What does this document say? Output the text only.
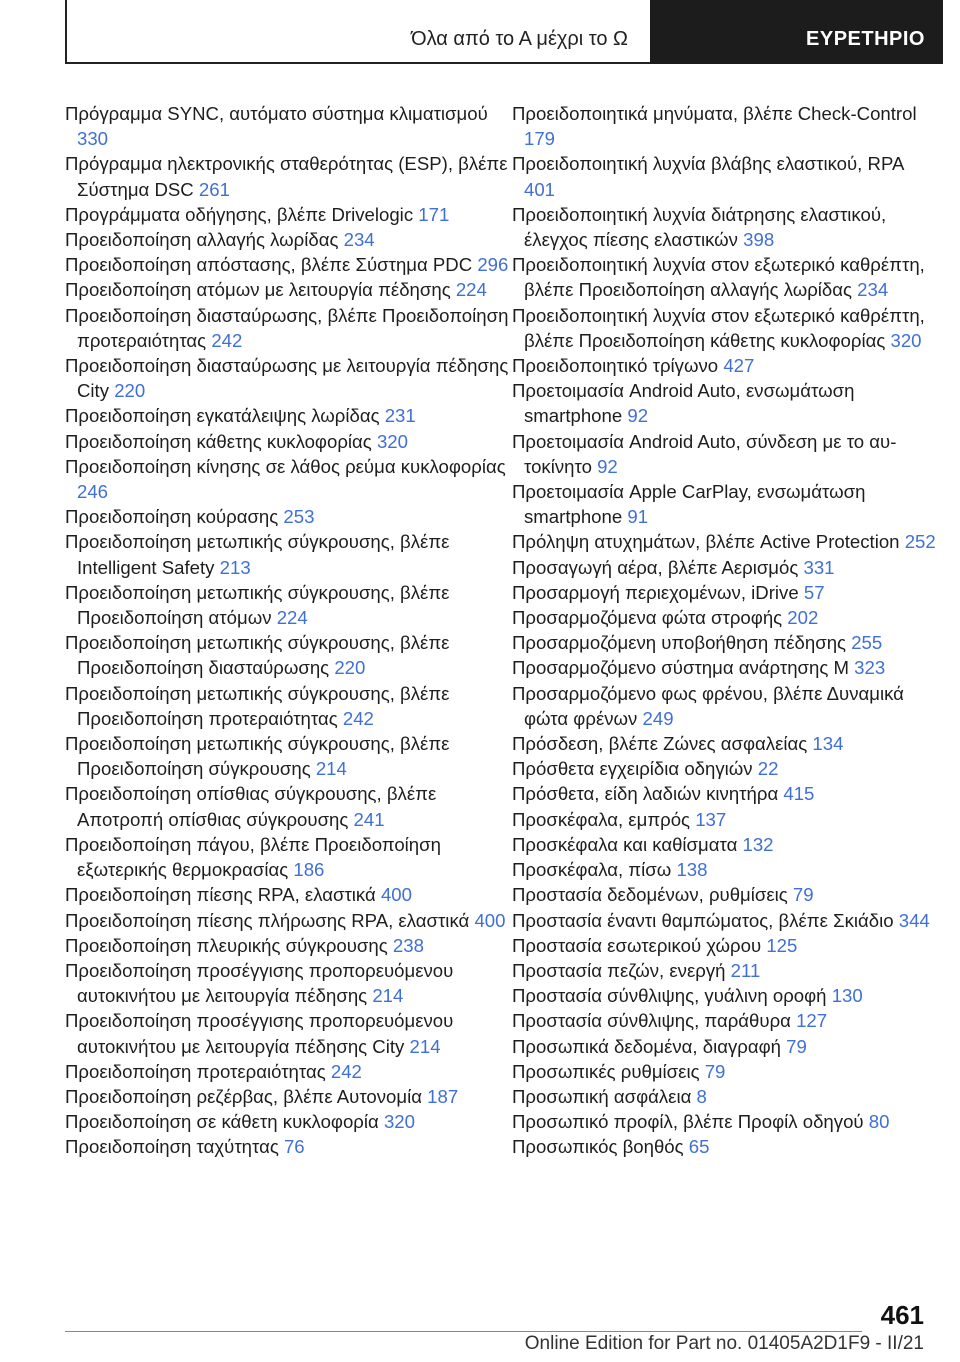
Όλα από το Α μέχρι το Ω	ΕΥΡΕΤΗΡΙΟ
Πρόγραμμα SYNC, αυτόματο σύστημα κλιματισμού 330
Πρόγραμμα ηλεκτρονικής σταθερότητας (ESP), βλέπε Σύστημα DSC 261
Προγράμματα οδήγησης, βλέπε Drivelogic 171
Προειδοποίηση αλλαγής λωρίδας 234
Προειδοποίηση απόστασης, βλέπε Σύστημα PDC 296
Προειδοποίηση ατόμων με λειτουργία πέδησης 224
Προειδοποίηση διασταύρωσης, βλέπε Προειδοποίηση προτεραιότητας 242
Προειδοποίηση διασταύρωσης με λειτουργία πέδησης City 220
Προειδοποίηση εγκατάλειψης λωρίδας 231
Προειδοποίηση κάθετης κυκλοφορίας 320
Προειδοποίηση κίνησης σε λάθος ρεύμα κυκλοφορίας 246
Προειδοποίηση κούρασης 253
Προειδοποίηση μετωπικής σύγκρουσης, βλέπε Intelligent Safety 213
Προειδοποίηση μετωπικής σύγκρουσης, βλέπε Προειδοποίηση ατόμων 224
Προειδοποίηση μετωπικής σύγκρουσης, βλέπε Προειδοποίηση διασταύρωσης 220
Προειδοποίηση μετωπικής σύγκρουσης, βλέπε Προειδοποίηση προτεραιότητας 242
Προειδοποίηση μετωπικής σύγκρουσης, βλέπε Προειδοποίηση σύγκρουσης 214
Προειδοποίηση οπίσθιας σύγκρουσης, βλέπε Αποτροπή οπίσθιας σύγκρουσης 241
Προειδοποίηση πάγου, βλέπε Προειδοποίηση εξωτερικής θερμοκρασίας 186
Προειδοποίηση πίεσης RPA, ελαστικά 400
Προειδοποίηση πίεσης πλήρωσης RPA, ελαστικά 400
Προειδοποίηση πλευρικής σύγκρουσης 238
Προειδοποίηση προσέγγισης προπορευόμενου αυτοκινήτου με λειτουργία πέδησης 214
Προειδοποίηση προσέγγισης προπορευόμενου αυτοκινήτου με λειτουργία πέδησης City 214
Προειδοποίηση προτεραιότητας 242
Προειδοποίηση ρεζέρβας, βλέπε Αυτονομία 187
Προειδοποίηση σε κάθετη κυκλοφορία 320
Προειδοποίηση ταχύτητας 76
Προειδοποιητικά μηνύματα, βλέπε Check-Control 179
Προειδοποιητική λυχνία βλάβης ελαστικού, RPA 401
Προειδοποιητική λυχνία διάτρησης ελαστικού, έλεγχος πίεσης ελαστικών 398
Προειδοποιητική λυχνία στον εξωτερικό καθρέπτη, βλέπε Προειδοποίηση αλλαγής λωρίδας 234
Προειδοποιητική λυχνία στον εξωτερικό καθρέπτη, βλέπε Προειδοποίηση κάθετης κυκλοφορίας 320
Προειδοποιητικό τρίγωνο 427
Προετοιμασία Android Auto, ενσωμάτωση smartphone 92
Προετοιμασία Android Auto, σύνδεση με το αυτοκίνητο 92
Προετοιμασία Apple CarPlay, ενσωμάτωση smartphone 91
Πρόληψη ατυχημάτων, βλέπε Active Protection 252
Προσαγωγή αέρα, βλέπε Αερισμός 331
Προσαρμογή περιεχομένων, iDrive 57
Προσαρμοζόμενα φώτα στροφής 202
Προσαρμοζόμενη υποβοήθηση πέδησης 255
Προσαρμοζόμενο σύστημα ανάρτησης M 323
Προσαρμοζόμενο φως φρένου, βλέπε Δυναμικά φώτα φρένων 249
Πρόσδεση, βλέπε Ζώνες ασφαλείας 134
Πρόσθετα εγχειρίδια οδηγιών 22
Πρόσθετα, είδη λαδιών κινητήρα 415
Προσκέφαλα, εμπρός 137
Προσκέφαλα και καθίσματα 132
Προσκέφαλα, πίσω 138
Προστασία δεδομένων, ρυθμίσεις 79
Προστασία έναντι θαμπώματος, βλέπε Σκιάδιο 344
Προστασία εσωτερικού χώρου 125
Προστασία πεζών, ενεργή 211
Προστασία σύνθλιψης, γυάλινη οροφή 130
Προστασία σύνθλιψης, παράθυρα 127
Προσωπικά δεδομένα, διαγραφή 79
Προσωπικές ρυθμίσεις 79
Προσωπική ασφάλεια 8
Προσωπικό προφίλ, βλέπε Προφίλ οδηγού 80
Προσωπικός βοηθός 65
461
Online Edition for Part no. 01405A2D1F9 - II/21
